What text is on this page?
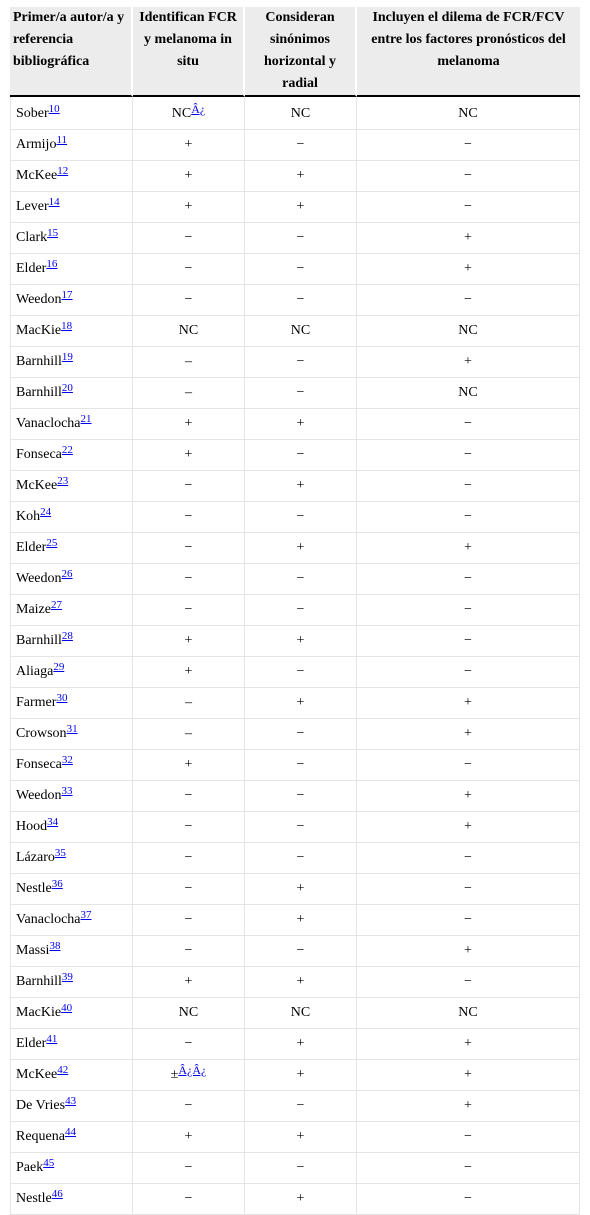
Primer/a autor/a y referencia bibliográfica	Identifican FCR y melanoma in situ	Consideran sinónimos horizontal y radial	Incluyen el dilema de FCR/FCV entre los factores pronósticos del melanoma
Sober$^{10}$	NC$^{Â¿}$	NC	NC
Armijo$^{11}$	+	−	−
McKee$^{12}$	+	+	−
Lever$^{14}$	+	+	−
Clark$^{15}$	−	−	+
Elder$^{16}$	−	−	+
Weedon$^{17}$	−	−	−
MacKie$^{18}$	NC	NC	NC
Barnhill$^{19}$	–	−	+
Barnhill$^{20}$	–	−	NC
Vanaclocha$^{21}$	+	+	−
Fonseca$^{22}$	+	−	−
McKee$^{23}$	−	+	−
Koh$^{24}$	−	−	−
Elder$^{25}$	−	+	+
Weedon$^{26}$	−	−	−
Maize$^{27}$	−	−	−
Barnhill$^{28}$	+	+	−
Aliaga$^{29}$	+	−	−
Farmer$^{30}$	–	+	+
Crowson$^{31}$	–	−	+
Fonseca$^{32}$	+	−	−
Weedon$^{33}$	−	−	+
Hood$^{34}$	−	−	+
Lázaro$^{35}$	−	−	−
Nestle$^{36}$	−	+	−
Vanaclocha$^{37}$	−	+	−
Massi$^{38}$	−	−	+
Barnhill$^{39}$	+	+	−
MacKie$^{40}$	NC	NC	NC
Elder$^{41}$	−	+	+
McKee$^{42}$	±$^{Â¿Â¿}$	+	+
De Vries$^{43}$	−	−	+
Requena$^{44}$	+	+	−
Paek$^{45}$	−	−	−
Nestle$^{46}$	−	+	−
